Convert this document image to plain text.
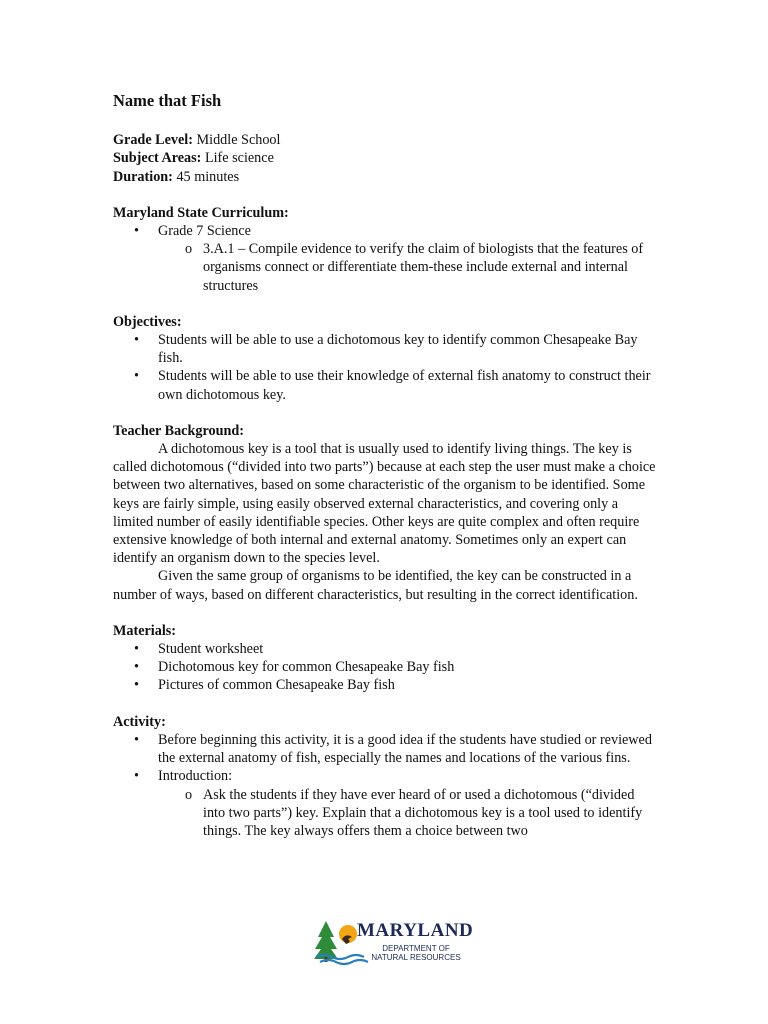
Name that Fish

Grade Level: Middle School

Subject Areas: Life science

Duration: 45 minutes

Maryland State Curriculum:

• Grade 7 Science
o 3.A.1 – Compile evidence to verify the claim of biologists that the features of organisms connect or differentiate them-these include external and internal structures

Objectives:

• Students will be able to use a dichotomous key to identify common Chesapeake Bay fish.
• Students will be able to use their knowledge of external fish anatomy to construct their own dichotomous key.

Teacher Background:

A dichotomous key is a tool that is usually used to identify living things. The key is called dichotomous (“divided into two parts”) because at each step the user must make a choice between two alternatives, based on some characteristic of the organism to be identified. Some keys are fairly simple, using easily observed external characteristics, and covering only a limited number of easily identifiable species. Other keys are quite complex and often require extensive knowledge of both internal and external anatomy. Sometimes only an expert can identify an organism down to the species level.

Given the same group of organisms to be identified, the key can be constructed in a number of ways, based on different characteristics, but resulting in the correct identification.

Materials:

• Student worksheet
• Dichotomous key for common Chesapeake Bay fish
• Pictures of common Chesapeake Bay fish

Activity:

• Before beginning this activity, it is a good idea if the students have studied or reviewed the external anatomy of fish, especially the names and locations of the various fins.
• Introduction:
o Ask the students if they have ever heard of or used a dichotomous (“divided into two parts”) key. Explain that a dichotomous key is a tool used to identify things. The key always offers them a choice between two
MARYLAND
DEPARTMENT OF
NATURAL RESOURCES
